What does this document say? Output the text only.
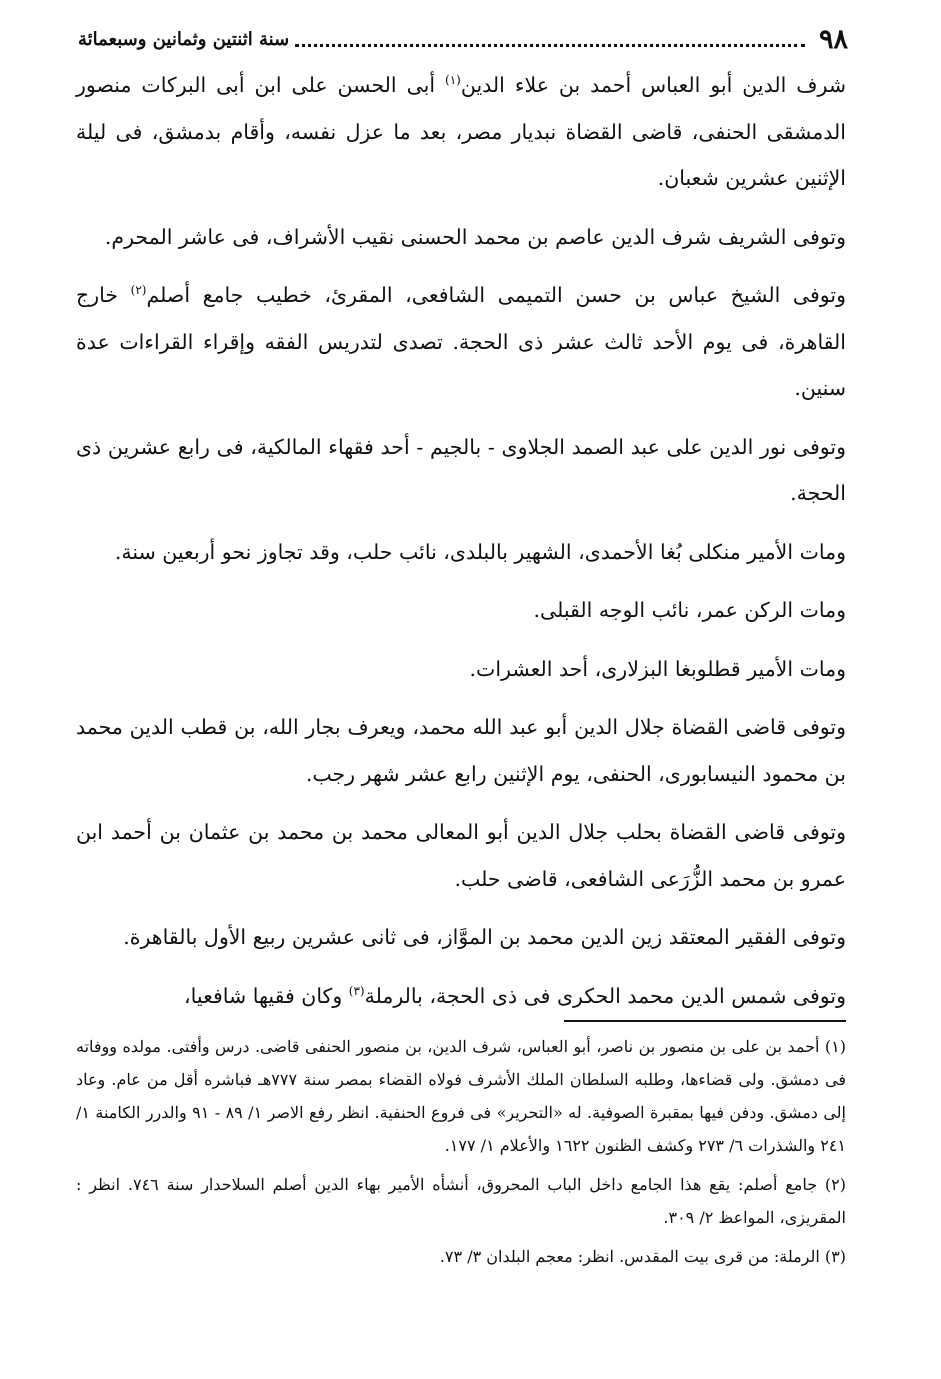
٩٨
سنة اثنتين وثمانين وسبعمائة

شرف الدين أبو العباس أحمد بن علاء الدين$^{(١)}$ أبى الحسن على ابن أبى البركات منصور الدمشقى الحنفى، قاضى القضاة نبديار مصر، بعد ما عزل نفسه، وأقام بدمشق، فى ليلة الإثنين عشرين شعبان.

وتوفى الشريف شرف الدين عاصم بن محمد الحسنى نقيب الأشراف، فى عاشر المحرم.

وتوفى الشيخ عباس بن حسن التميمى الشافعى، المقرئ، خطيب جامع أصلم$^{(٢)}$ خارج القاهرة، فى يوم الأحد ثالث عشر ذى الحجة. تصدى لتدريس الفقه وإقراء القراءات عدة سنين.

وتوفى نور الدين على عبد الصمد الجلاوى - بالجيم - أحد فقهاء المالكية، فى رابع عشرين ذى الحجة.

ومات الأمير منكلى بُغا الأحمدى، الشهير بالبلدى، نائب حلب، وقد تجاوز نحو أربعين سنة.

ومات الركن عمر، نائب الوجه القبلى.

ومات الأمير قطلوبغا البزلارى، أحد العشرات.

وتوفى قاضى القضاة جلال الدين أبو عبد الله محمد، ويعرف بجار الله، بن قطب الدين محمد بن محمود النيسابورى، الحنفى، يوم الإثنين رابع عشر شهر رجب.

وتوفى قاضى القضاة بحلب جلال الدين أبو المعالى محمد بن محمد بن عثمان بن أحمد ابن عمرو بن محمد الزُّرَعى الشافعى، قاضى حلب.

وتوفى الفقير المعتقد زين الدين محمد بن الموَّاز، فى ثانى عشرين ربيع الأول بالقاهرة.

وتوفى شمس الدين محمد الحكرى فى ذى الحجة، بالرملة$^{(٣)}$ وكان فقيها شافعيا،

(١) أحمد بن على بن منصور بن ناصر، أبو العباس، شرف الدين، بن منصور الحنفى قاضى. درس وأفتى. مولده ووفاته فى دمشق. ولى قضاءها، وطلبه السلطان الملك الأشرف فولاه القضاء بمصر سنة ٧٧٧هـ فباشره أقل من عام. وعاد إلى دمشق. ودفن فيها بمقبرة الصوفية. له «التحرير» فى فروع الحنفية. انظر رفع الاصر ١/ ٨٩ - ٩١ والدرر الكامنة ١/ ٢٤١ والشذرات ٦/ ٢٧٣ وكشف الظنون ١٦٢٢ والأعلام ١/ ١٧٧.

(٢) جامع أصلم: يقع هذا الجامع داخل الباب المحروق، أنشأه الأمير بهاء الدين أصلم السلاحدار سنة ٧٤٦. انظر : المقريزى، المواعظ ٢/ ٣٠٩.

(٣) الرملة: من قرى بيت المقدس. انظر: معجم البلدان ٣/ ٧٣.
